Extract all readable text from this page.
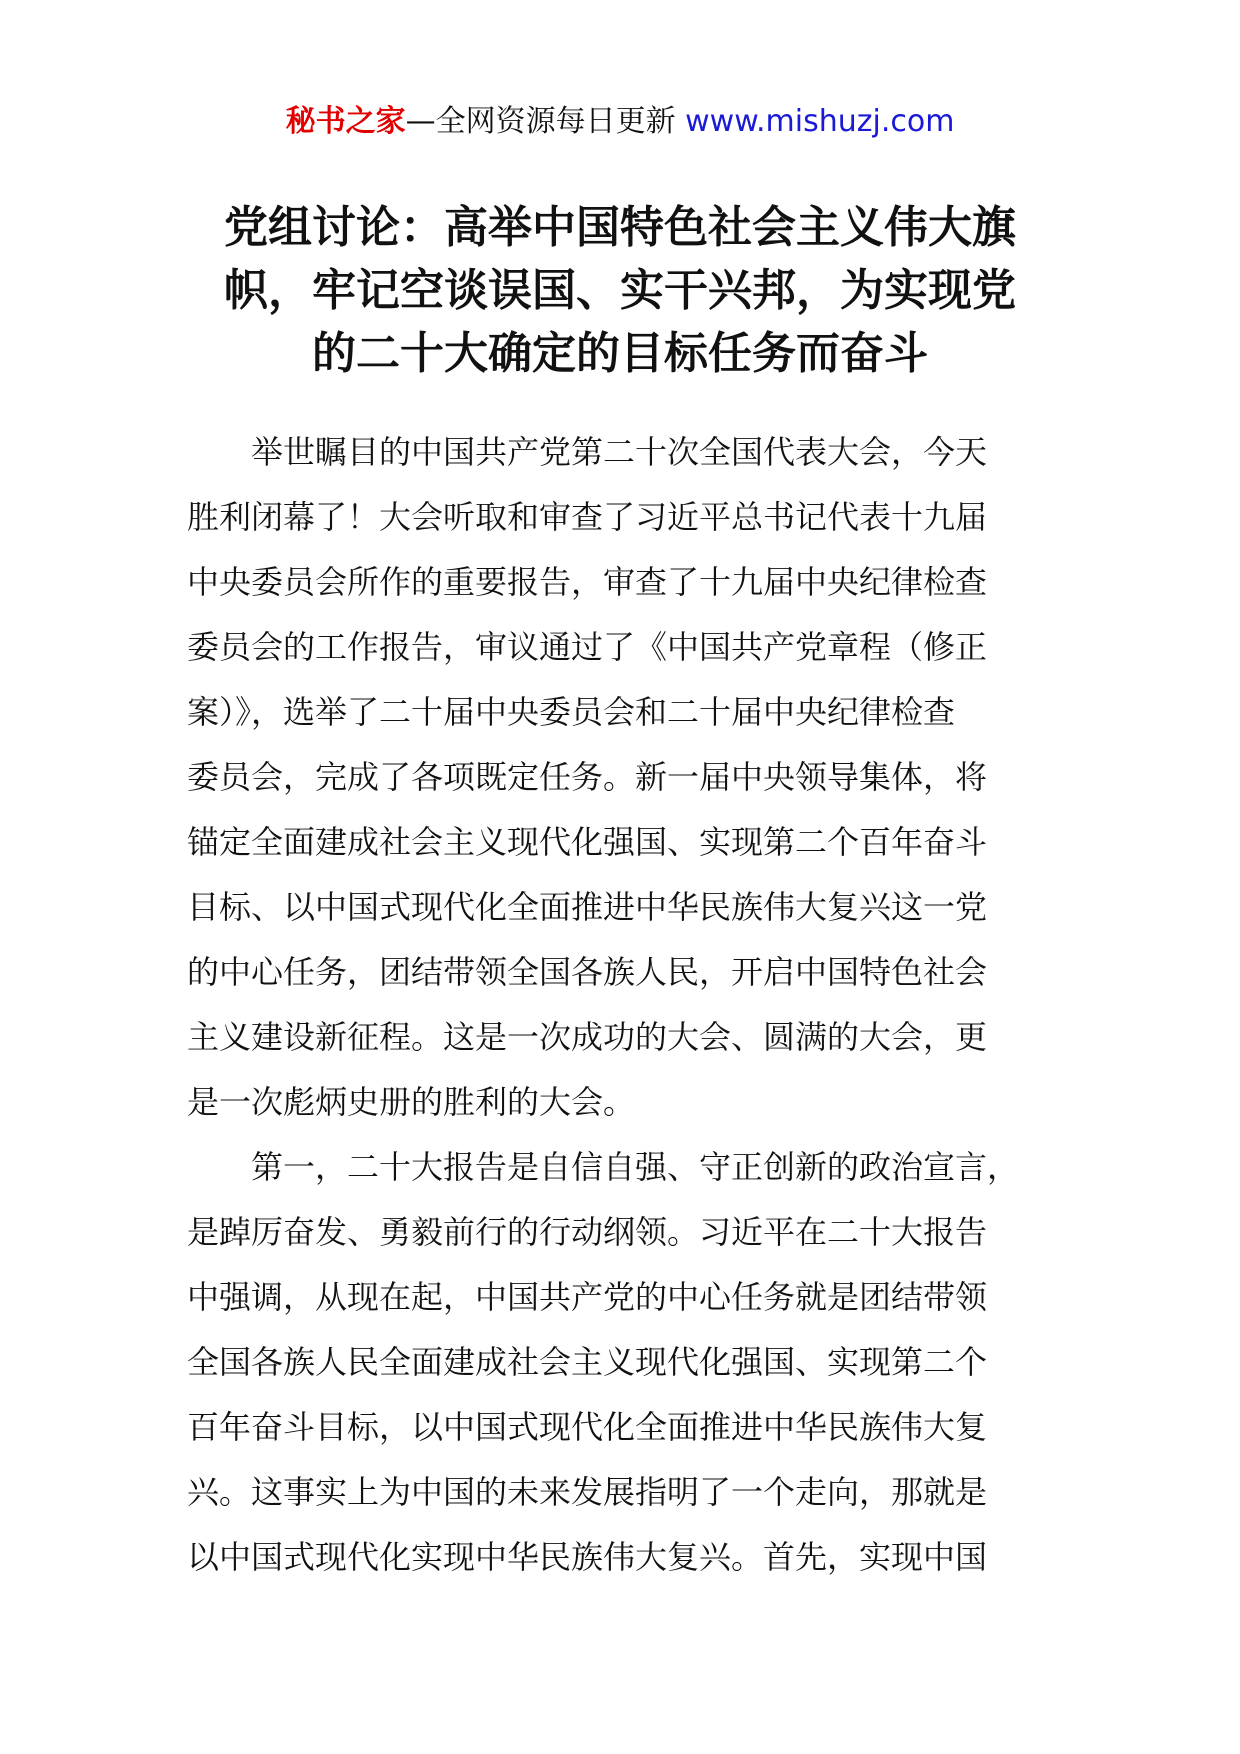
秘书之家—全网资源每日更新 www.mishuzj.com
党组讨论：高举中国特色社会主义伟大旗
帜，牢记空谈误国、实干兴邦，为实现党
的二十大确定的目标任务而奋斗
举世瞩目的中国共产党第二十次全国代表大会，今天
胜利闭幕了！大会听取和审查了习近平总书记代表十九届
中央委员会所作的重要报告，审查了十九届中央纪律检查
委员会的工作报告，审议通过了《中国共产党章程（修正
案）》，选举了二十届中央委员会和二十届中央纪律检查
委员会，完成了各项既定任务。新一届中央领导集体，将
锚定全面建成社会主义现代化强国、实现第二个百年奋斗
目标、以中国式现代化全面推进中华民族伟大复兴这一党
的中心任务，团结带领全国各族人民，开启中国特色社会
主义建设新征程。这是一次成功的大会、圆满的大会，更
是一次彪炳史册的胜利的大会。
第一，二十大报告是自信自强、守正创新的政治宣言，
是踔厉奋发、勇毅前行的行动纲领。习近平在二十大报告
中强调，从现在起，中国共产党的中心任务就是团结带领
全国各族人民全面建成社会主义现代化强国、实现第二个
百年奋斗目标，以中国式现代化全面推进中华民族伟大复
兴。这事实上为中国的未来发展指明了一个走向，那就是
以中国式现代化实现中华民族伟大复兴。首先，实现中国
